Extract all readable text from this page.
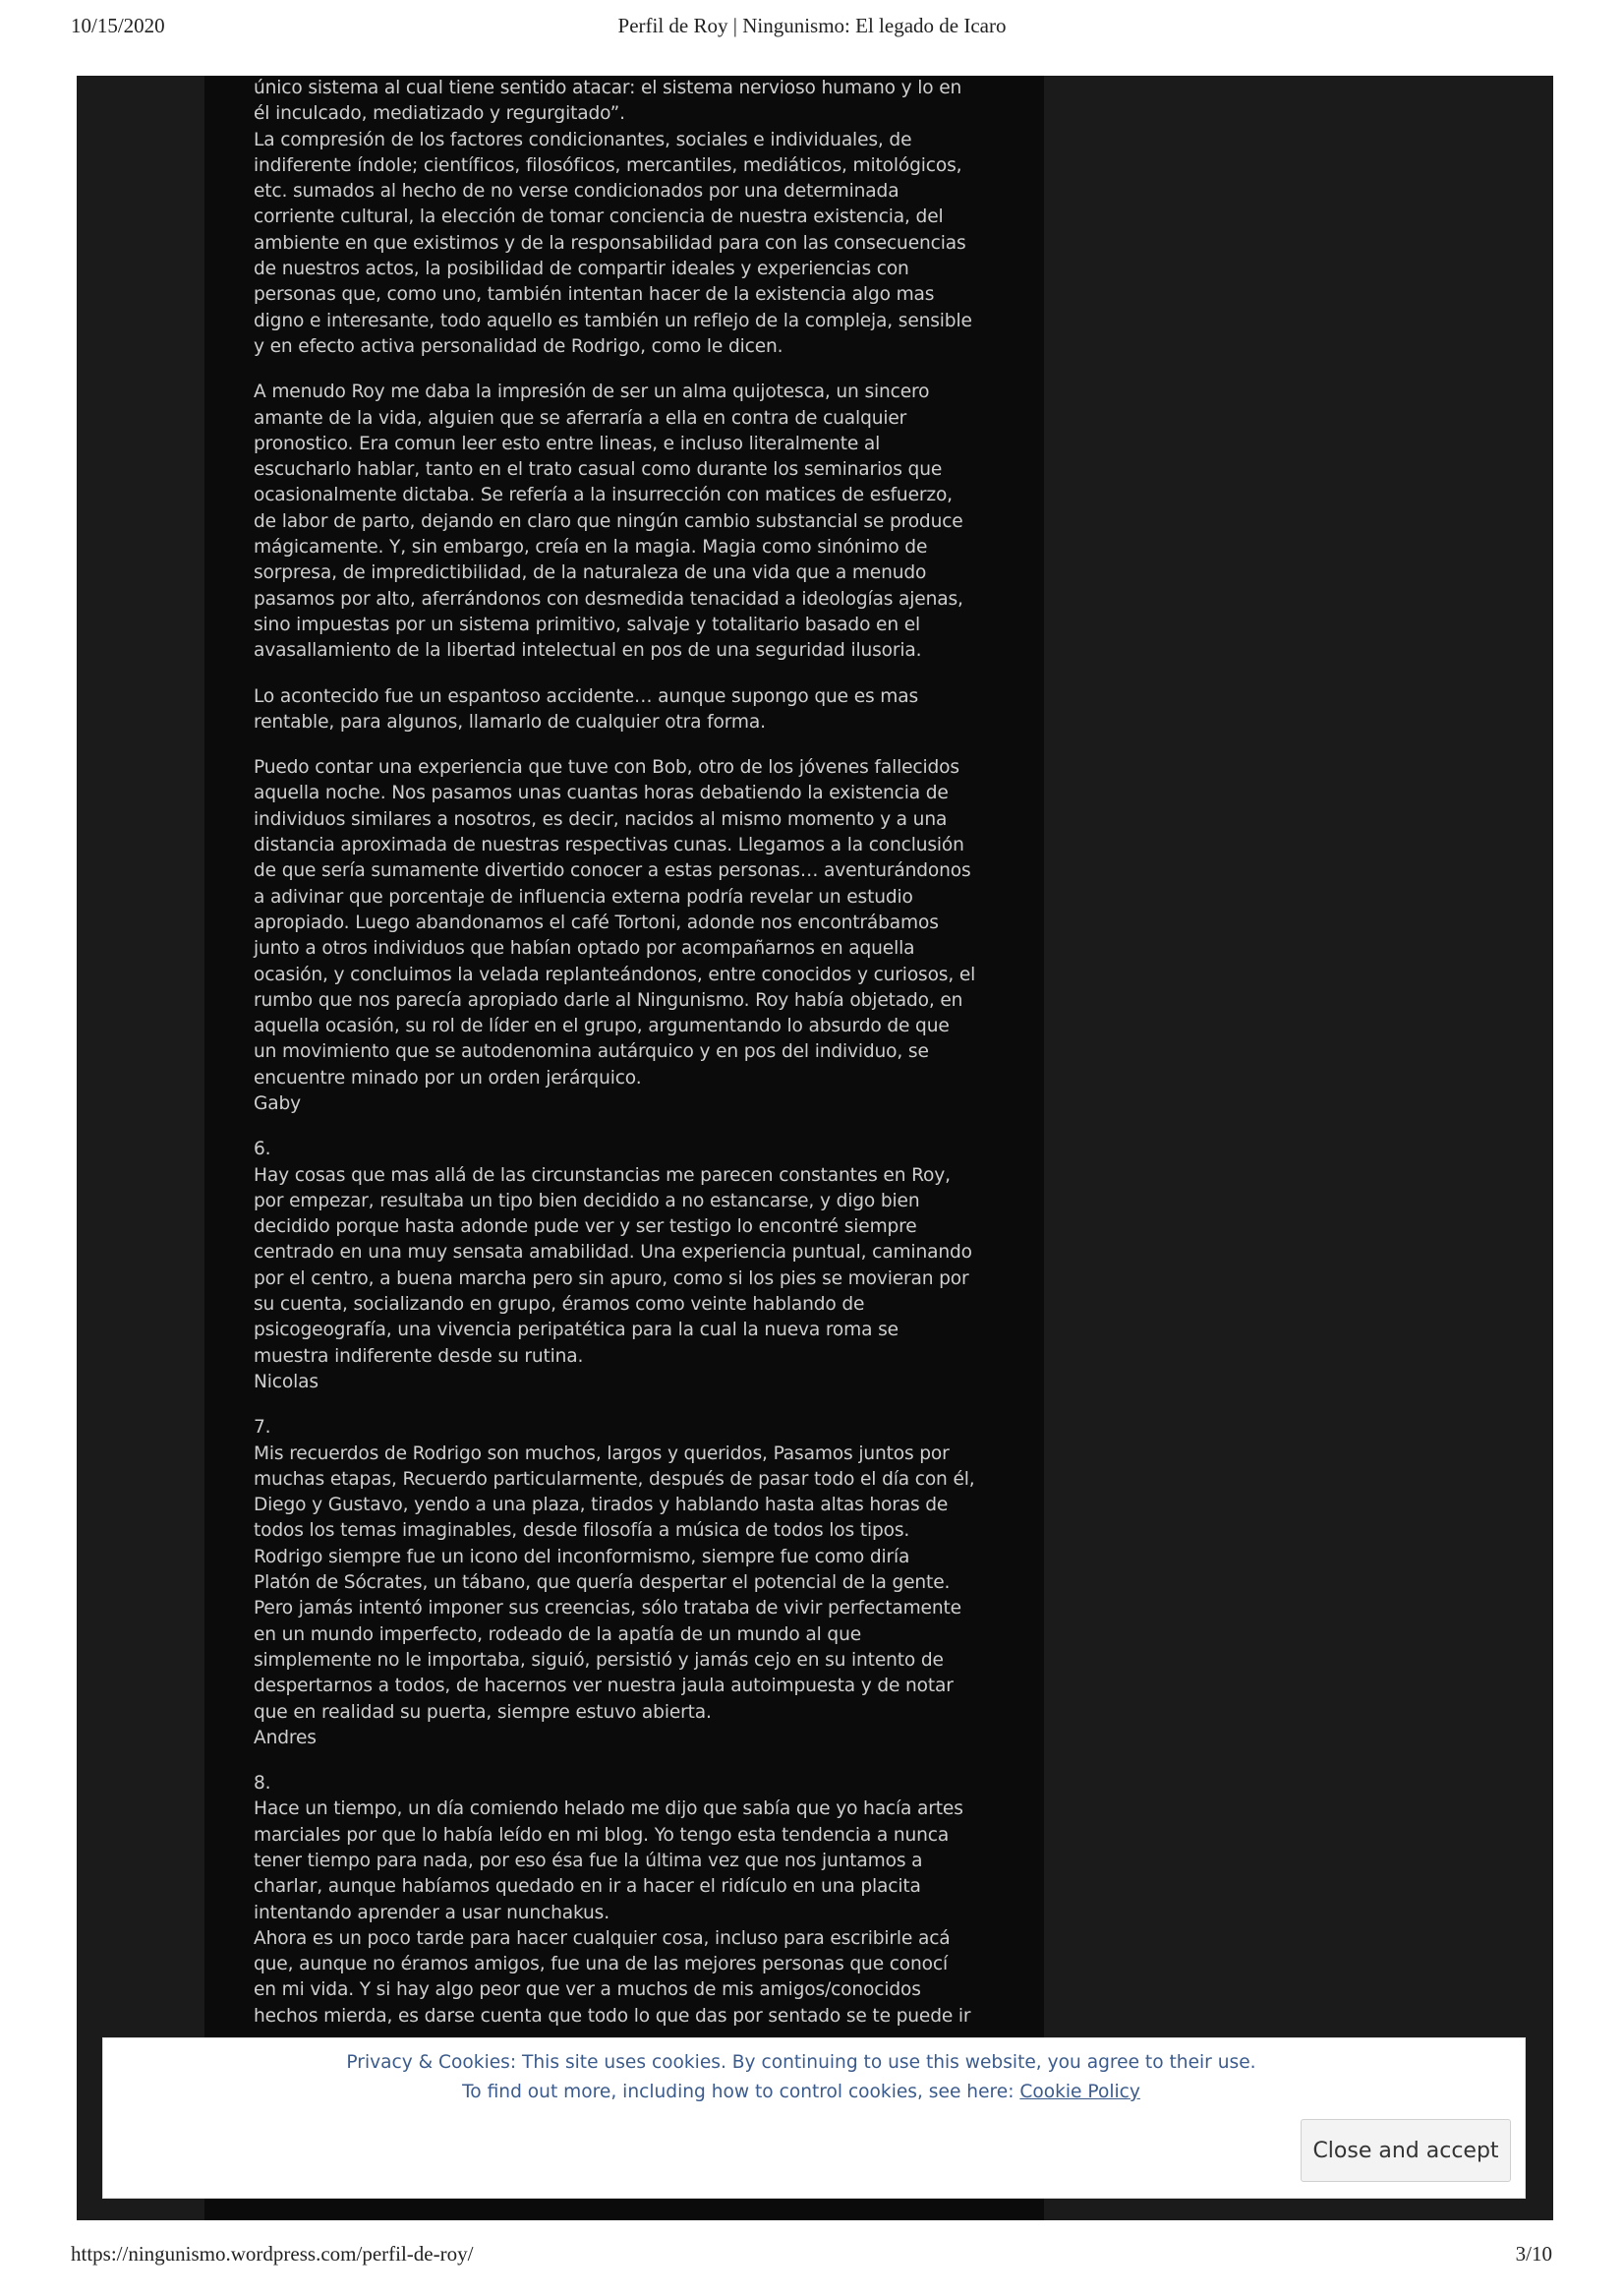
10/15/2020	Perfil de Roy | Ningunismo: El legado de Icaro

único sistema al cual tiene sentido atacar: el sistema nervioso humano y lo en
él inculcado, mediatizado y regurgitado”.
La compresión de los factores condicionantes, sociales e individuales, de
indiferente índole; científicos, filosóficos, mercantiles, mediáticos, mitológicos,
etc. sumados al hecho de no verse condicionados por una determinada
corriente cultural, la elección de tomar conciencia de nuestra existencia, del
ambiente en que existimos y de la responsabilidad para con las consecuencias
de nuestros actos, la posibilidad de compartir ideales y experiencias con
personas que, como uno, también intentan hacer de la existencia algo mas
digno e interesante, todo aquello es también un reflejo de la compleja, sensible
y en efecto activa personalidad de Rodrigo, como le dicen.

A menudo Roy me daba la impresión de ser un alma quijotesca, un sincero
amante de la vida, alguien que se aferraría a ella en contra de cualquier
pronostico. Era comun leer esto entre lineas, e incluso literalmente al
escucharlo hablar, tanto en el trato casual como durante los seminarios que
ocasionalmente dictaba. Se refería a la insurrección con matices de esfuerzo,
de labor de parto, dejando en claro que ningún cambio substancial se produce
mágicamente. Y, sin embargo, creía en la magia. Magia como sinónimo de
sorpresa, de impredictibilidad, de la naturaleza de una vida que a menudo
pasamos por alto, aferrándonos con desmedida tenacidad a ideologías ajenas,
sino impuestas por un sistema primitivo, salvaje y totalitario basado en el
avasallamiento de la libertad intelectual en pos de una seguridad ilusoria.

Lo acontecido fue un espantoso accidente… aunque supongo que es mas
rentable, para algunos, llamarlo de cualquier otra forma.

Puedo contar una experiencia que tuve con Bob, otro de los jóvenes fallecidos
aquella noche. Nos pasamos unas cuantas horas debatiendo la existencia de
individuos similares a nosotros, es decir, nacidos al mismo momento y a una
distancia aproximada de nuestras respectivas cunas. Llegamos a la conclusión
de que sería sumamente divertido conocer a estas personas… aventurándonos
a adivinar que porcentaje de influencia externa podría revelar un estudio
apropiado. Luego abandonamos el café Tortoni, adonde nos encontrábamos
junto a otros individuos que habían optado por acompañarnos en aquella
ocasión, y concluimos la velada replanteándonos, entre conocidos y curiosos, el
rumbo que nos parecía apropiado darle al Ningunismo. Roy había objetado, en
aquella ocasión, su rol de líder en el grupo, argumentando lo absurdo de que
un movimiento que se autodenomina autárquico y en pos del individuo, se
encuentre minado por un orden jerárquico.
Gaby

6.
Hay cosas que mas allá de las circunstancias me parecen constantes en Roy,
por empezar, resultaba un tipo bien decidido a no estancarse, y digo bien
decidido porque hasta adonde pude ver y ser testigo lo encontré siempre
centrado en una muy sensata amabilidad. Una experiencia puntual, caminando
por el centro, a buena marcha pero sin apuro, como si los pies se movieran por
su cuenta, socializando en grupo, éramos como veinte hablando de
psicogeografía, una vivencia peripatética para la cual la nueva roma se
muestra indiferente desde su rutina.
Nicolas

7.
Mis recuerdos de Rodrigo son muchos, largos y queridos, Pasamos juntos por
muchas etapas, Recuerdo particularmente, después de pasar todo el día con él,
Diego y Gustavo, yendo a una plaza, tirados y hablando hasta altas horas de
todos los temas imaginables, desde filosofía a música de todos los tipos.
Rodrigo siempre fue un icono del inconformismo, siempre fue como diría
Platón de Sócrates, un tábano, que quería despertar el potencial de la gente.
Pero jamás intentó imponer sus creencias, sólo trataba de vivir perfectamente
en un mundo imperfecto, rodeado de la apatía de un mundo al que
simplemente no le importaba, siguió, persistió y jamás cejo en su intento de
despertarnos a todos, de hacernos ver nuestra jaula autoimpuesta y de notar
que en realidad su puerta, siempre estuvo abierta.
Andres

8.
Hace un tiempo, un día comiendo helado me dijo que sabía que yo hacía artes
marciales por que lo había leído en mi blog. Yo tengo esta tendencia a nunca
tener tiempo para nada, por eso ésa fue la última vez que nos juntamos a
charlar, aunque habíamos quedado en ir a hacer el ridículo en una placita
intentando aprender a usar nunchakus.
Ahora es un poco tarde para hacer cualquier cosa, incluso para escribirle acá
que, aunque no éramos amigos, fue una de las mejores personas que conocí
en mi vida. Y si hay algo peor que ver a muchos de mis amigos/conocidos
hechos mierda, es darse cuenta que todo lo que das por sentado se te puede ir

Privacy & Cookies: This site uses cookies. By continuing to use this website, you agree to their use.
To find out more, including how to control cookies, see here: Cookie Policy
Close and accept
https://ningunismo.wordpress.com/perfil-de-roy/	3/10
